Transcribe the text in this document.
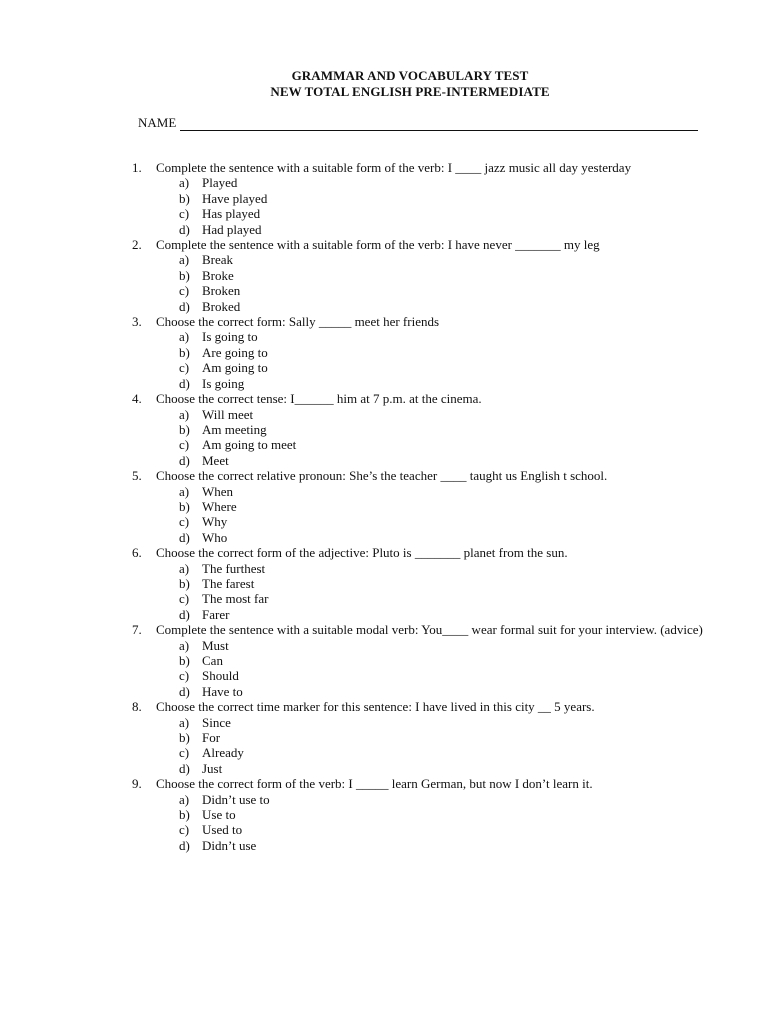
GRAMMAR AND VOCABULARY TEST
NEW TOTAL ENGLISH PRE-INTERMEDIATE
NAME
1.	Complete the sentence with a suitable form of the verb: I ____ jazz music all day yesterday
a) Played
b) Have played
c) Has played
d) Had played
2.	Complete the sentence with a suitable form of the verb: I have never _______ my leg
a) Break
b) Broke
c) Broken
d) Broked
3.	Choose the correct form: Sally _____ meet her friends
a) Is going to
b) Are going to
c) Am going to
d) Is going
4.	Choose the correct tense: I______ him at 7 p.m. at the cinema.
a) Will meet
b) Am meeting
c) Am going to meet
d) Meet
5.	Choose the correct relative pronoun: She’s the teacher ____ taught us English t school.
a) When
b) Where
c) Why
d) Who
6.	Choose the correct form of the adjective: Pluto is _______ planet from the sun.
a) The furthest
b) The farest
c) The most far
d) Farer
7.	Complete the sentence with a suitable modal verb: You____ wear formal suit for your interview. (advice)
a) Must
b) Can
c) Should
d) Have to
8.	Choose the correct time marker for this sentence: I have lived in this city __ 5 years.
a) Since
b) For
c) Already
d) Just
9.	Choose the correct form of the verb: I _____ learn German, but now I don’t learn it.
a) Didn’t use to
b) Use to
c) Used to
d) Didn’t use
